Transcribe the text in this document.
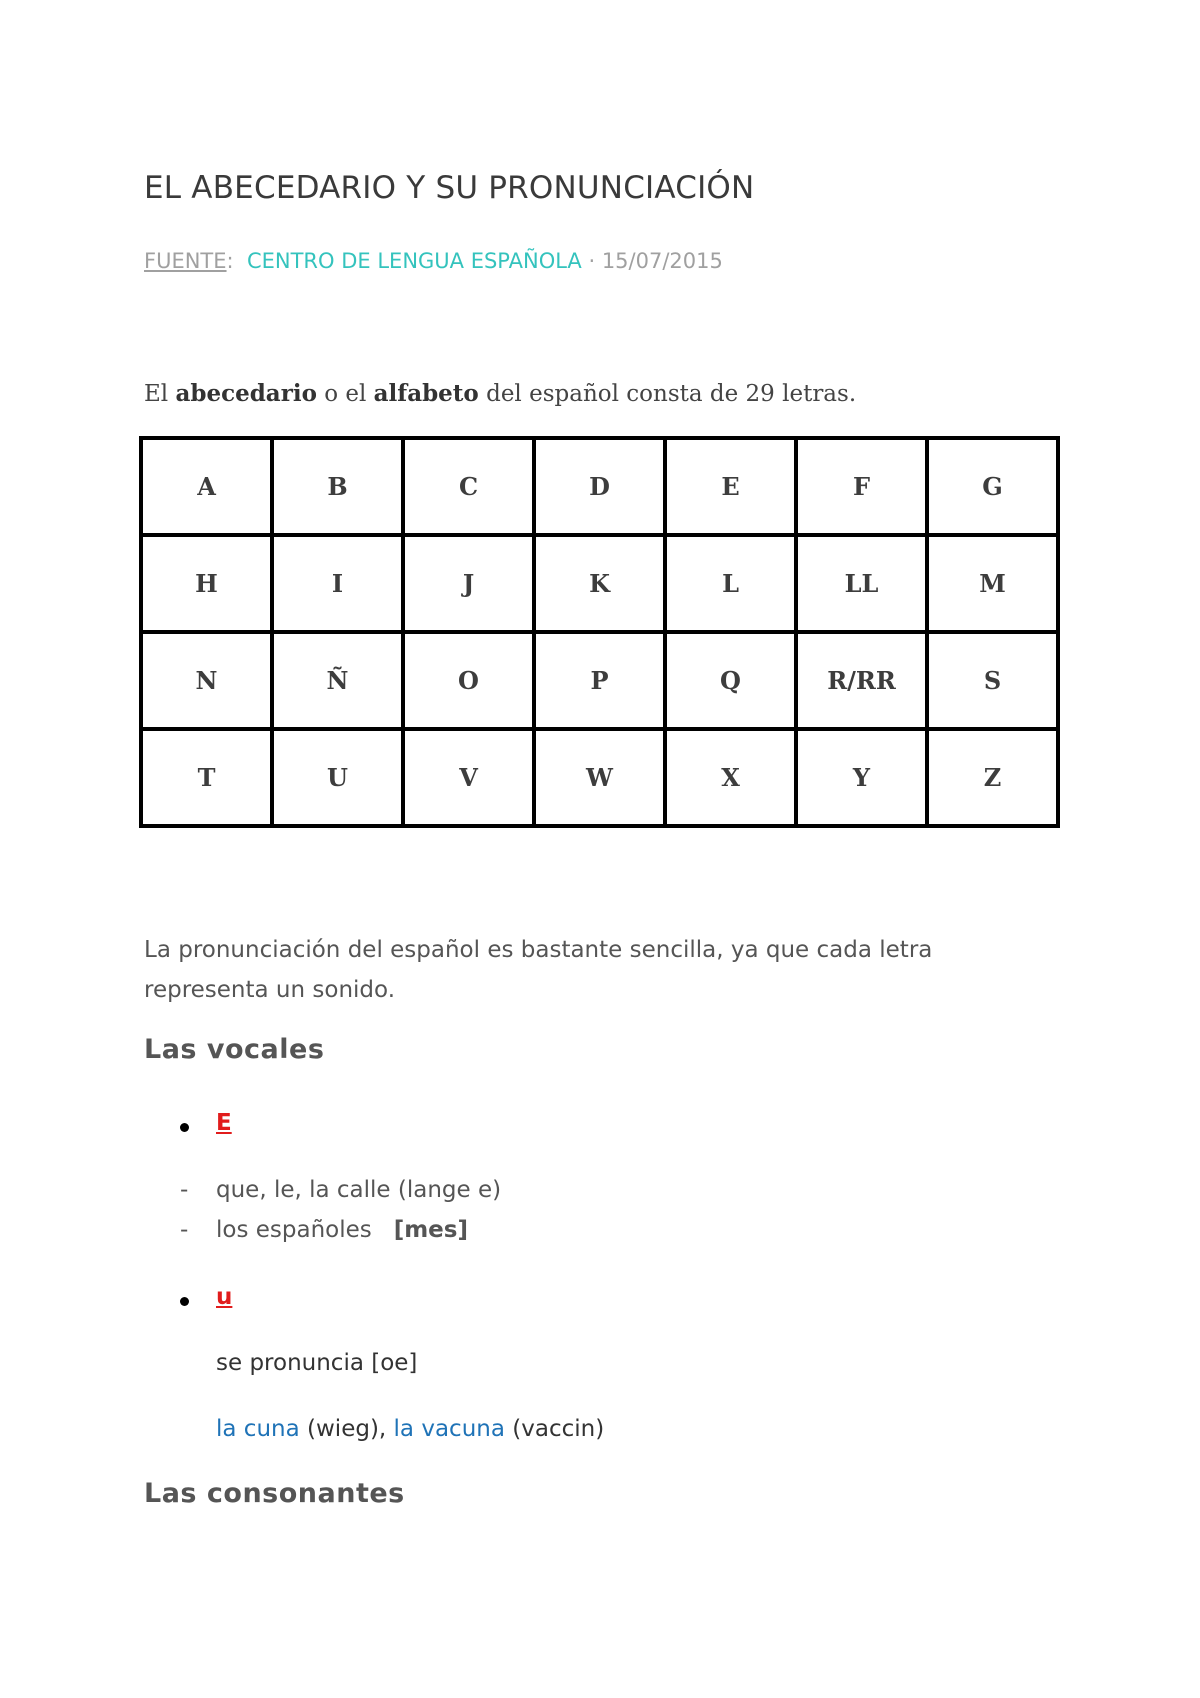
EL ABECEDARIO Y SU PRONUNCIACIÓN
FUENTE: CENTRO DE LENGUA ESPAÑOLA · 15/07/2015
El abecedario o el alfabeto del español consta de 29 letras.
A	B	C	D	E	F	G
H	I	J	K	L	LL	M
N	Ñ	O	P	Q	R/RR	S
T	U	V	W	X	Y	Z

La pronunciación del español es bastante sencilla, ya que cada letra representa un sonido.

Las vocales
E
- que, le, la calle (lange e)
- los españoles [mes]
u
se pronuncia [oe]
la cuna (wieg), la vacuna (vaccin)
Las consonantes
